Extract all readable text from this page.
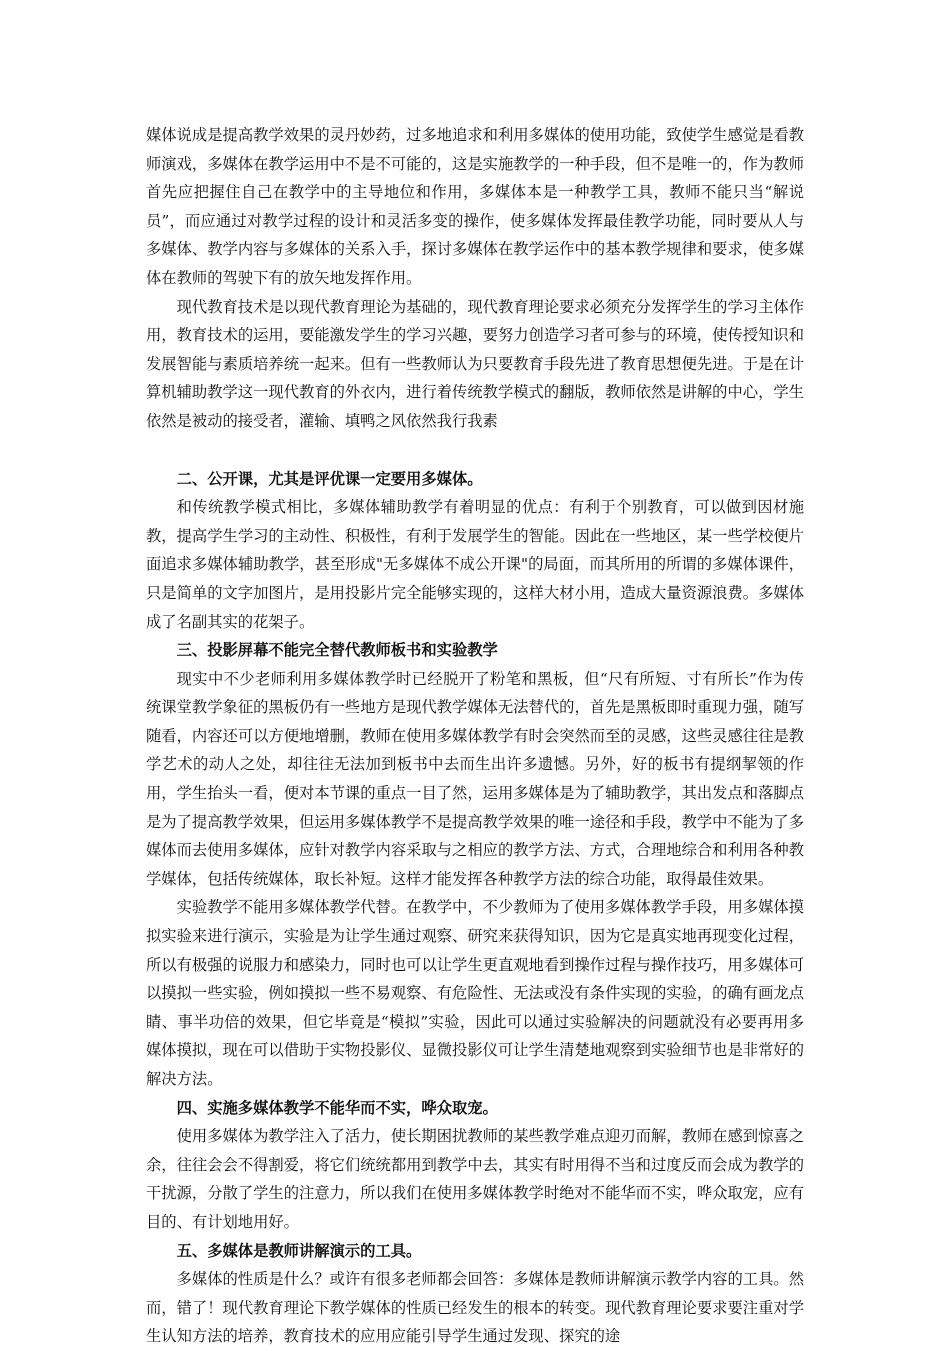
媒体说成是提高教学效果的灵丹妙药，过多地追求和利用多媒体的使用功能，致使学生感觉是看教师演戏，多媒体在教学运用中不是不可能的，这是实施教学的一种手段，但不是唯一的，作为教师首先应把握住自己在教学中的主导地位和作用，多媒体本是一种教学工具，教师不能只当“解说员”，而应通过对教学过程的设计和灵活多变的操作，使多媒体发挥最佳教学功能，同时要从人与多媒体、教学内容与多媒体的关系入手，探讨多媒体在教学运作中的基本教学规律和要求，使多媒体在教师的驾驶下有的放矢地发挥作用。

现代教育技术是以现代教育理论为基础的，现代教育理论要求必须充分发挥学生的学习主体作用，教育技术的运用，要能激发学生的学习兴趣，要努力创造学习者可参与的环境，使传授知识和发展智能与素质培养统一起来。但有一些教师认为只要教育手段先进了教育思想便先进。于是在计算机辅助教学这一现代教育的外衣内，进行着传统教学模式的翻版，教师依然是讲解的中心，学生依然是被动的接受者，灌输、填鸭之风依然我行我素

二、公开课，尤其是评优课一定要用多媒体。

和传统教学模式相比，多媒体辅助教学有着明显的优点：有利于个别教育，可以做到因材施教，提高学生学习的主动性、积极性，有利于发展学生的智能。因此在一些地区，某一些学校便片面追求多媒体辅助教学，甚至形成"无多媒体不成公开课"的局面，而其所用的所谓的多媒体课件，只是简单的文字加图片，是用投影片完全能够实现的，这样大材小用，造成大量资源浪费。多媒体成了名副其实的花架子。

三、投影屏幕不能完全替代教师板书和实验教学

现实中不少老师利用多媒体教学时已经脱开了粉笔和黑板，但“尺有所短、寸有所长”作为传统课堂教学象征的黑板仍有一些地方是现代教学媒体无法替代的，首先是黑板即时重现力强，随写随看，内容还可以方便地增删，教师在使用多媒体教学有时会突然而至的灵感，这些灵感往往是教学艺术的动人之处，却往往无法加到板书中去而生出许多遗憾。另外，好的板书有提纲挈领的作用，学生抬头一看，便对本节课的重点一目了然，运用多媒体是为了辅助教学，其出发点和落脚点是为了提高教学效果，但运用多媒体教学不是提高教学效果的唯一途径和手段，教学中不能为了多媒体而去使用多媒体，应针对教学内容采取与之相应的教学方法、方式，合理地综合和利用各种教学媒体，包括传统媒体，取长补短。这样才能发挥各种教学方法的综合功能，取得最佳效果。

实验教学不能用多媒体教学代替。在教学中，不少教师为了使用多媒体教学手段，用多媒体摸拟实验来进行演示，实验是为让学生通过观察、研究来获得知识，因为它是真实地再现变化过程，所以有极强的说服力和感染力，同时也可以让学生更直观地看到操作过程与操作技巧，用多媒体可以摸拟一些实验，例如摸拟一些不易观察、有危险性、无法或没有条件实现的实验，的确有画龙点睛、事半功倍的效果，但它毕竟是“模拟”实验，因此可以通过实验解决的问题就没有必要再用多媒体摸拟，现在可以借助于实物投影仪、显微投影仪可让学生清楚地观察到实验细节也是非常好的解决方法。

四、实施多媒体教学不能华而不实，哗众取宠。

使用多媒体为教学注入了活力，使长期困扰教师的某些教学难点迎刃而解，教师在感到惊喜之余，往往会会不得割爱，将它们统统都用到教学中去，其实有时用得不当和过度反而会成为教学的干扰源，分散了学生的注意力，所以我们在使用多媒体教学时绝对不能华而不实，哗众取宠，应有目的、有计划地用好。

五、多媒体是教师讲解演示的工具。

多媒体的性质是什么？或许有很多老师都会回答：多媒体是教师讲解演示教学内容的工具。然而，错了！现代教育理论下教学媒体的性质已经发生的根本的转变。现代教育理论要求要注重对学生认知方法的培养，教育技术的应用应能引导学生通过发现、探究的途
